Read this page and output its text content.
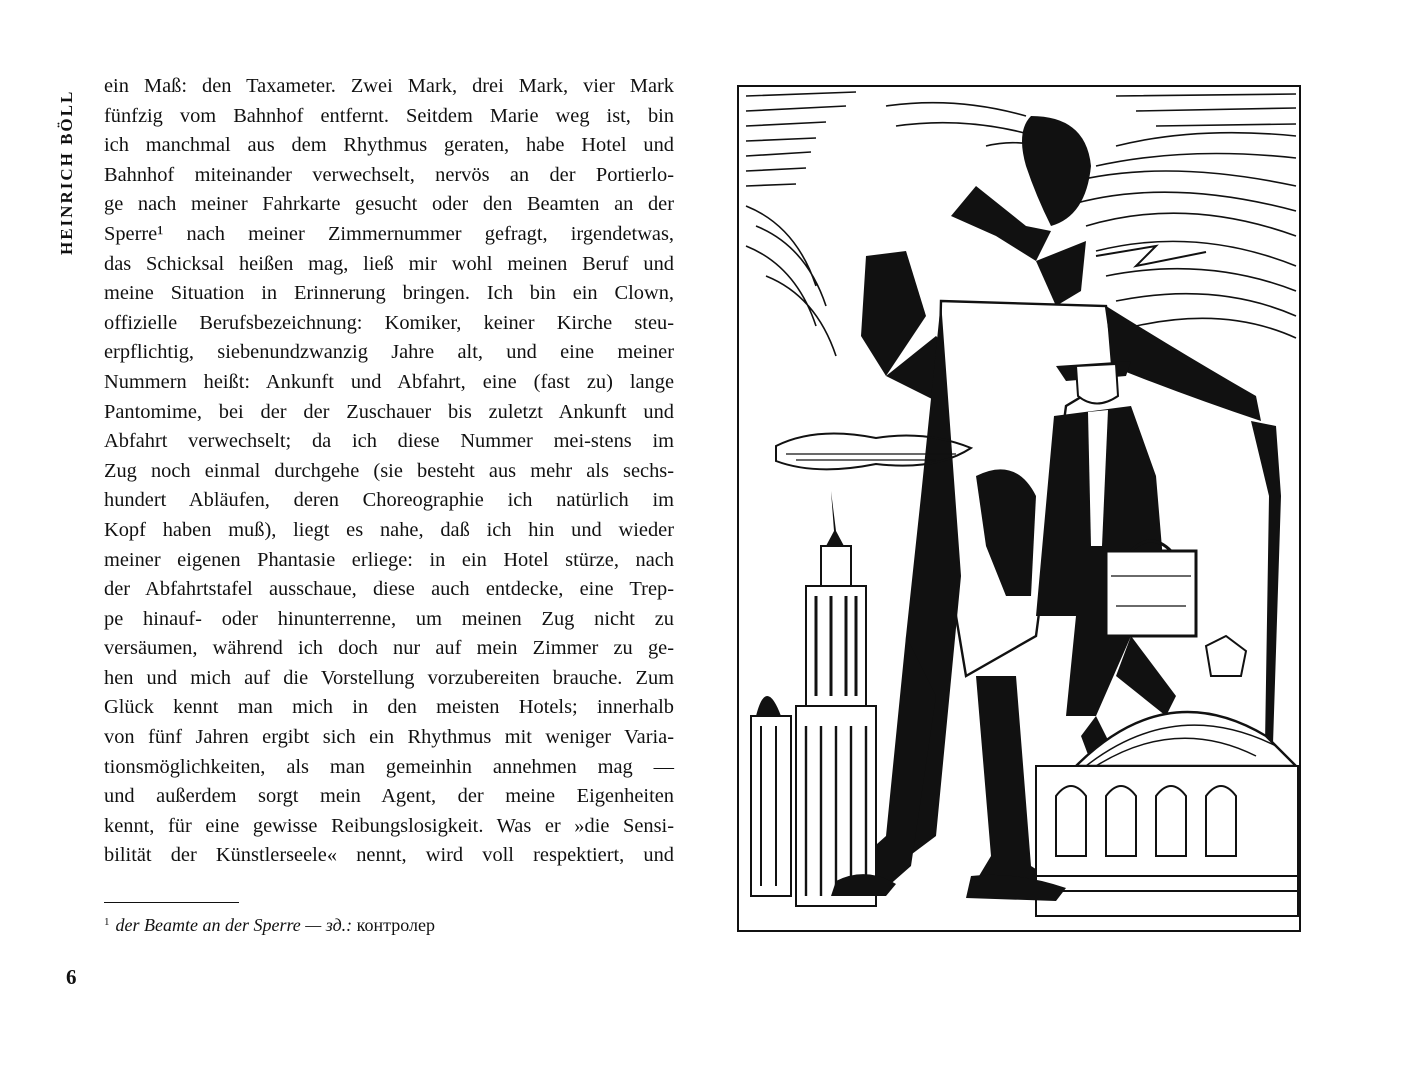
HEINRICH BÖLL
ein Maß: den Taxameter. Zwei Mark, drei Mark, vier Mark
fünfzig vom Bahnhof entfernt. Seitdem Marie weg ist, bin
ich manchmal aus dem Rhythmus geraten, habe Hotel und
Bahnhof miteinander verwechselt, nervös an der Portierlo-
ge nach meiner Fahrkarte gesucht oder den Beamten an der
Sperre¹ nach meiner Zimmernummer gefragt, irgendetwas,
das Schicksal heißen mag, ließ mir wohl meinen Beruf und
meine Situation in Erinnerung bringen. Ich bin ein Clown,
offizielle Berufsbezeichnung: Komiker, keiner Kirche steu-
erpflichtig, siebenundzwanzig Jahre alt, und eine meiner
Nummern heißt: Ankunft und Abfahrt, eine (fast zu) lange
Pantomime, bei der der Zuschauer bis zuletzt Ankunft und
Abfahrt verwechselt; da ich diese Nummer mei-stens im
Zug noch einmal durchgehe (sie besteht aus mehr als sechs-
hundert Abläufen, deren Choreographie ich natürlich im
Kopf haben muß), liegt es nahe, daß ich hin und wieder
meiner eigenen Phantasie erliege: in ein Hotel stürze, nach
der Abfahrtstafel ausschaue, diese auch entdecke, eine Trep-
pe hinauf- oder hinunterrenne, um meinen Zug nicht zu
versäumen, während ich doch nur auf mein Zimmer zu ge-
hen und mich auf die Vorstellung vorzubereiten brauche. Zum
Glück kennt man mich in den meisten Hotels; innerhalb
von fünf Jahren ergibt sich ein Rhythmus mit weniger Varia-
tionsmöglichkeiten, als man gemeinhin annehmen mag —
und außerdem sorgt mein Agent, der meine Eigenheiten
kennt, für eine gewisse Reibungslosigkeit. Was er »die Sensi-
bilität der Künstlerseele« nennt, wird voll respektiert, und
$^1$ der Beamte an der Sperre — зд.: контролер
6
